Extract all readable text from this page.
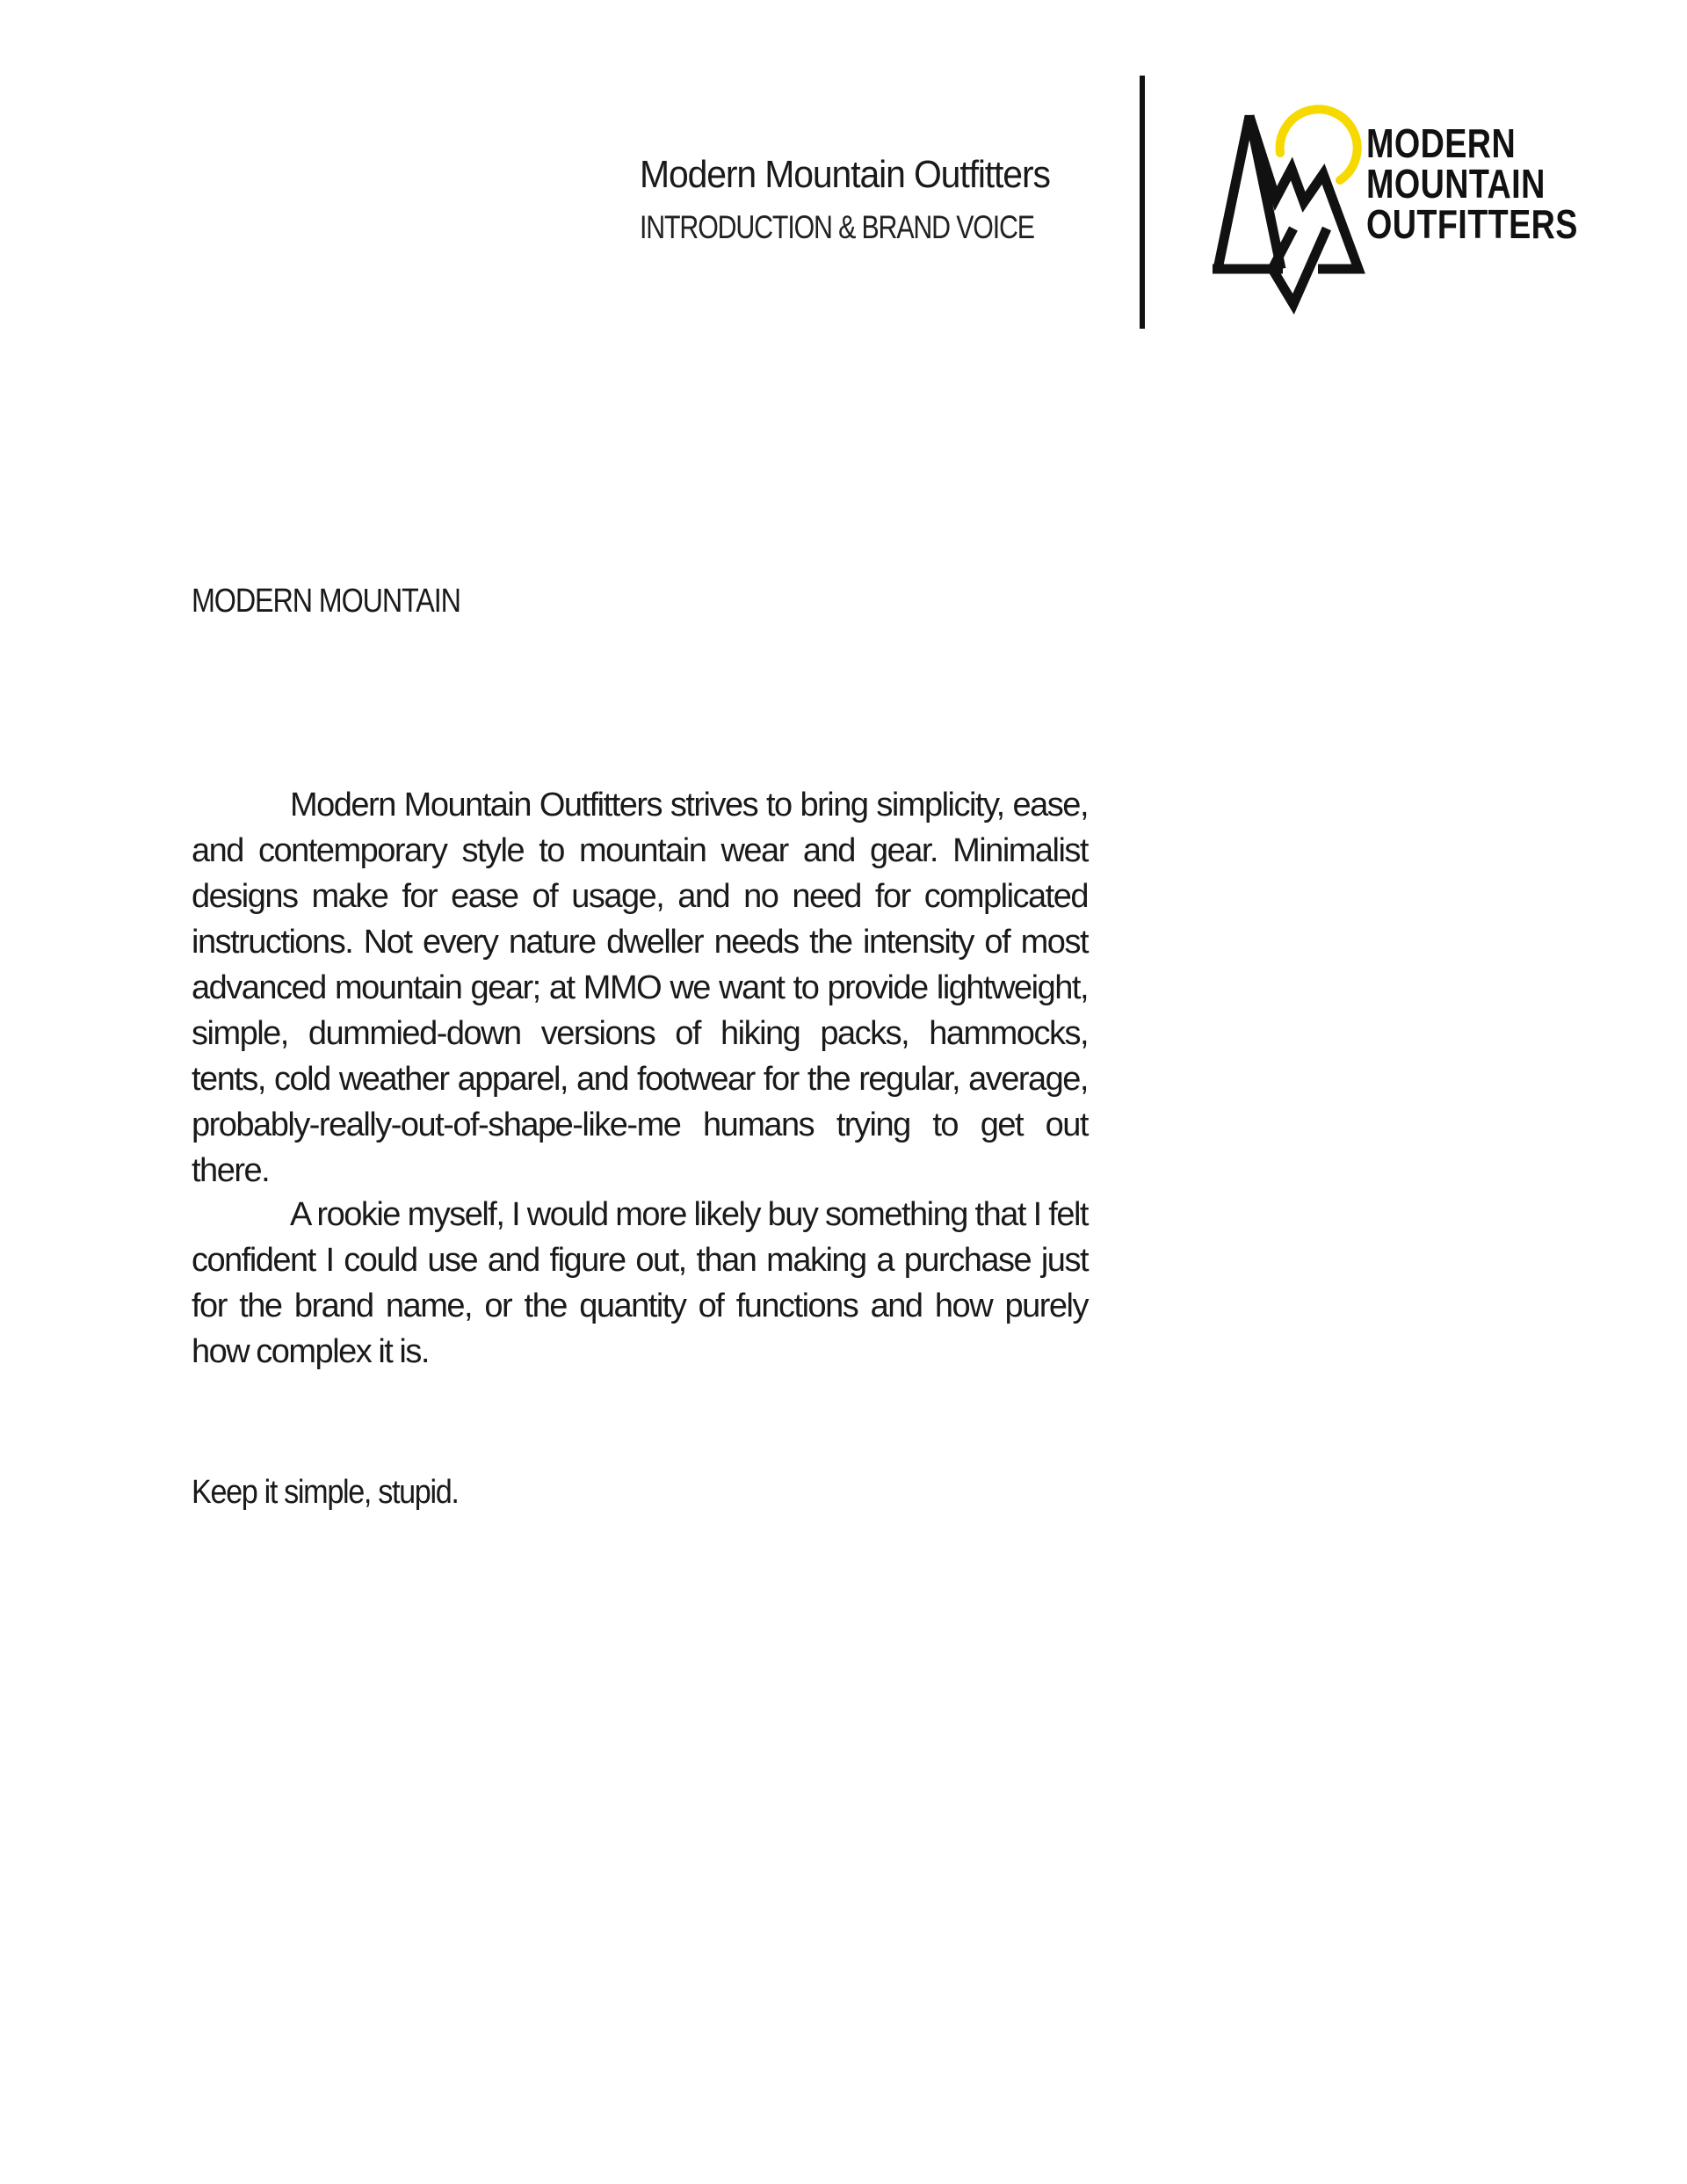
Modern Mountain Outfitters
INTRODUCTION & BRAND VOICE
MODERN
MOUNTAIN
OUTFITTERS
MODERN MOUNTAIN
Modern Mountain Outfitters strives to bring simplicity, ease, and contemporary style to mountain wear and gear. Minimalist designs make for ease of usage, and no need for complicated instructions. Not every nature dweller needs the intensity of most advanced mountain gear; at MMO we want to provide lightweight, simple, dummied-down versions of hiking packs, hammocks, tents, cold weather apparel, and footwear for the regular, average, probably-really-out-of-shape-like-me humans trying to get out there.
A rookie myself, I would more likely buy something that I felt confident I could use and figure out, than making a purchase just for the brand name, or the quantity of functions and how purely how complex it is.
Keep it simple, stupid.
